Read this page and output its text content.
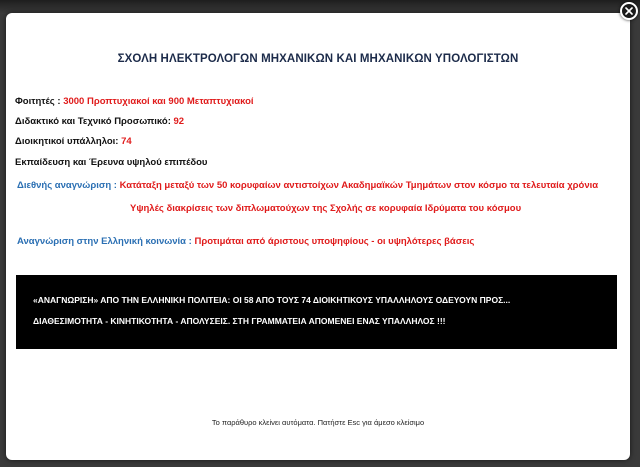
ΣΧΟΛΗ ΗΛΕΚΤΡΟΛΟΓΩΝ ΜΗΧΑΝΙΚΩΝ ΚΑΙ ΜΗΧΑΝΙΚΩΝ ΥΠΟΛΟΓΙΣΤΩΝ
Φοιτητές : 3000 Προπτυχιακοί και 900 Μεταπτυχιακοί
Διδακτικό και Τεχνικό Προσωπικό: 92
Διοικητικοί υπάλληλοι: 74
Εκπαίδευση και Έρευνα υψηλού επιπέδου
Διεθνής αναγνώριση : Κατάταξη μεταξύ των 50 κορυφαίων αντιστοίχων Ακαδημαϊκών Τμημάτων στον κόσμο τα τελευταία χρόνια
Υψηλές διακρίσεις των διπλωματούχων της Σχολής σε κορυφαία Ιδρύματα του κόσμου
Αναγνώριση στην Ελληνική κοινωνία : Προτιμάται από άριστους υποψηφίους - οι υψηλότερες βάσεις
«ΑΝΑΓΝΩΡΙΣΗ» ΑΠΟ ΤΗΝ ΕΛΛΗΝΙΚΗ ΠΟΛΙΤΕΙΑ: ΟΙ 58 ΑΠΟ ΤΟΥΣ 74 ΔΙΟΙΚΗΤΙΚΟΥΣ ΥΠΑΛΛΗΛΟΥΣ ΟΔΕΥΟΥΝ ΠΡΟΣ...
ΔΙΑΘΕΣΙΜΟΤΗΤΑ - ΚΙΝΗΤΙΚΟΤΗΤΑ - ΑΠΟΛΥΣΕΙΣ. ΣΤΗ ΓΡΑΜΜΑΤΕΙΑ ΑΠΟΜΕΝΕΙ ΕΝΑΣ ΥΠΑΛΛΗΛΟΣ !!!
Το παράθυρο κλείνει αυτόματα. Πατήστε Esc για άμεσο κλείσιμο
